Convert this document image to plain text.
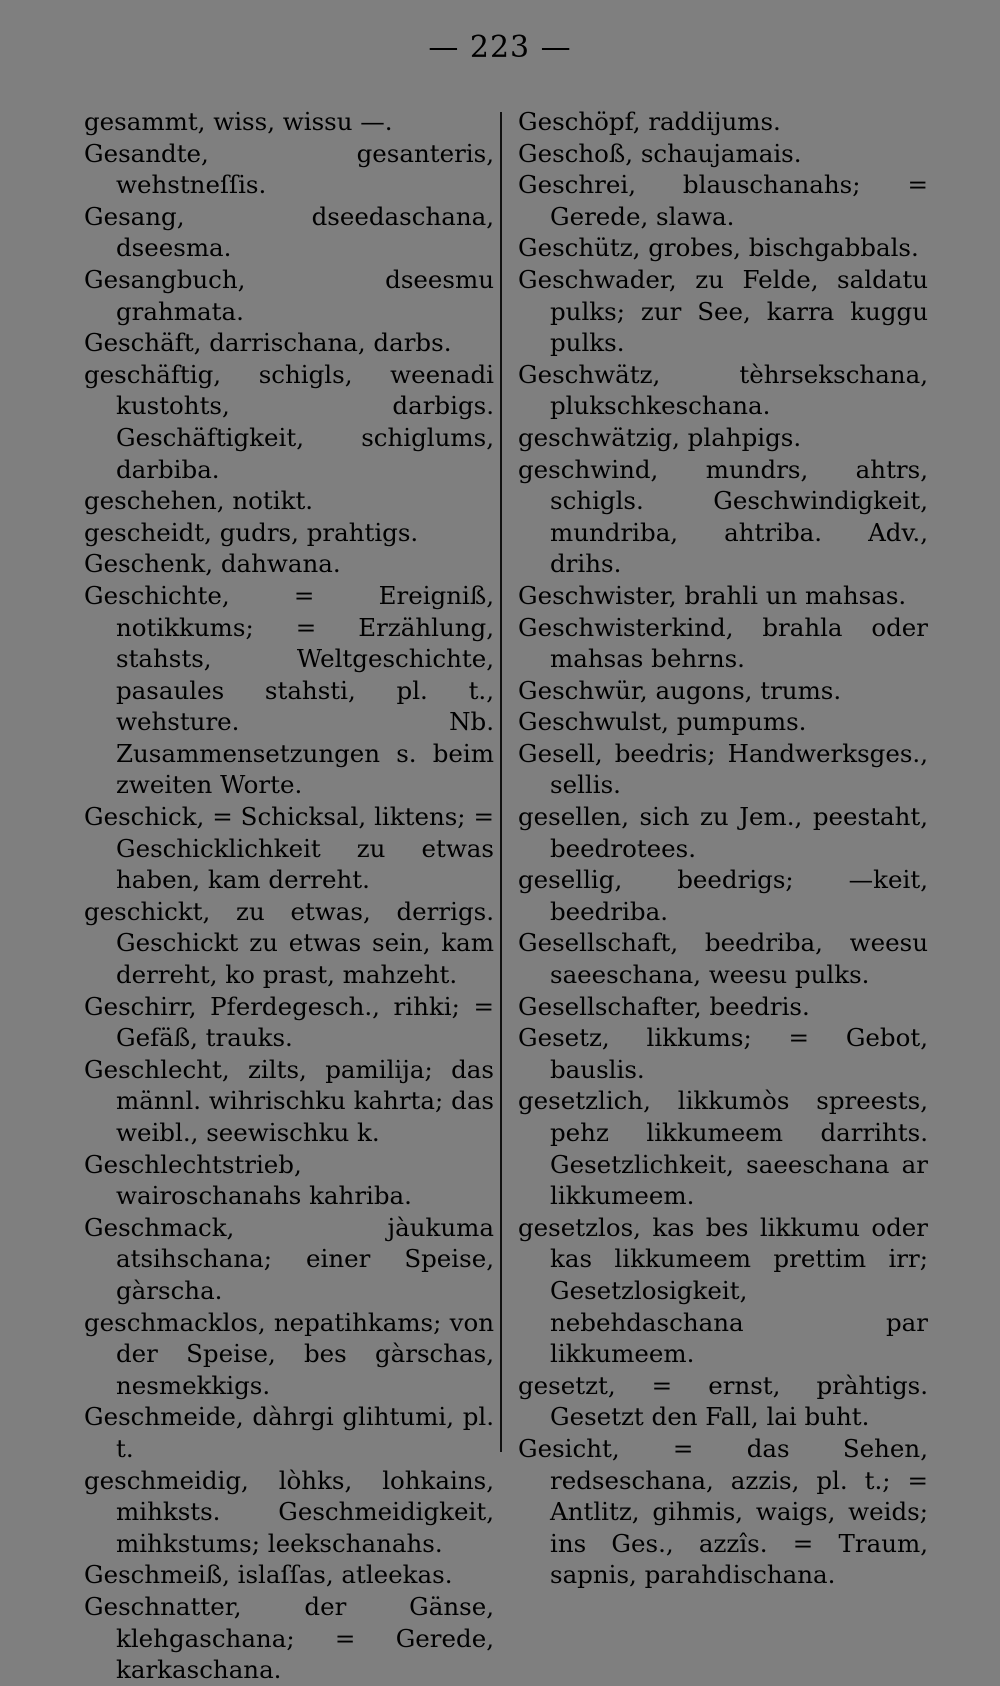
— 223 —
gesammt, wiss, wissu —.
Gesandte, gesanteris, wehstneſſis.
Gesang, dseedaschana, dseesma.
Gesangbuch, dseesmu grahmata.
Geschäft, darrischana, darbs.
geschäftig, schigls, weenadi kustohts, darbigs. Geschäftigkeit, schiglums, darbiba.
geschehen, notikt.
gescheidt, gudrs, prahtigs.
Geschenk, dahwana.
Geschichte, = Ereigniß, notikkums; = Erzählung, stahsts, Weltgeschichte, pasaules stahsti, pl. t., wehsture. Nb. Zusammensetzungen s. beim zweiten Worte.
Geschick, = Schicksal, liktens; = Geschicklichkeit zu etwas haben, kam derreht.
geschickt, zu etwas, derrigs. Geschickt zu etwas sein, kam derreht, ko prast, mahzeht.
Geschirr, Pferdegesch., rihki; = Gefäß, trauks.
Geschlecht, zilts, pamilija; das männl. wihrischku kahrta; das weibl., seewischku k.
Geschlechtstrieb, wairoschanahs kahriba.
Geschmack, jàukuma atsihschana; einer Speise, gàrscha.
geschmacklos, nepatihkams; von der Speise, bes gàrschas, nesmekkigs.
Geschmeide, dàhrgi glihtumi, pl. t.
geschmeidig, lòhks, lohkains, mihksts. Geschmeidigkeit, mihkstums; leekschanahs.
Geschmeiß, islaſſas, atleekas.
Geschnatter, der Gänse, klehgaschana; = Gerede, karkaschana.
Geschöpf, raddijums.
Geschoß, schaujamais.
Geschrei, blauschanahs; = Gerede, slawa.
Geschütz, grobes, bischgabbals.
Geschwader, zu Felde, saldatu pulks; zur See, karra kuggu pulks.
Geschwätz, tèhrsekschana, plukschkeschana.
geschwätzig, plahpigs.
geschwind, mundrs, ahtrs, schigls. Geschwindigkeit, mundriba, ahtriba. Adv., drihs.
Geschwister, brahli un mahsas.
Geschwisterkind, brahla oder mahsas behrns.
Geschwür, augons, trums.
Geschwulst, pumpums.
Gesell, beedris; Handwerksges., sellis.
gesellen, sich zu Jem., peestaht, beedrotees.
gesellig, beedrigs; —keit, beedriba.
Gesellschaft, beedriba, weesu saeeschana, weesu pulks.
Gesellschafter, beedris.
Gesetz, likkums; = Gebot, bauslis.
gesetzlich, likkumòs spreests, pehz likkumeem darrihts. Gesetzlichkeit, saeeschana ar likkumeem.
gesetzlos, kas bes likkumu oder kas likkumeem prettim irr; Gesetzlosigkeit, nebehdaschana par likkumeem.
gesetzt, = ernst, pràhtigs. Gesetzt den Fall, lai buht.
Gesicht, = das Sehen, redseschana, azzis, pl. t.; = Antlitz, gihmis, waigs, weids; ins Ges., azzîs. = Traum, sapnis, parahdischana.
